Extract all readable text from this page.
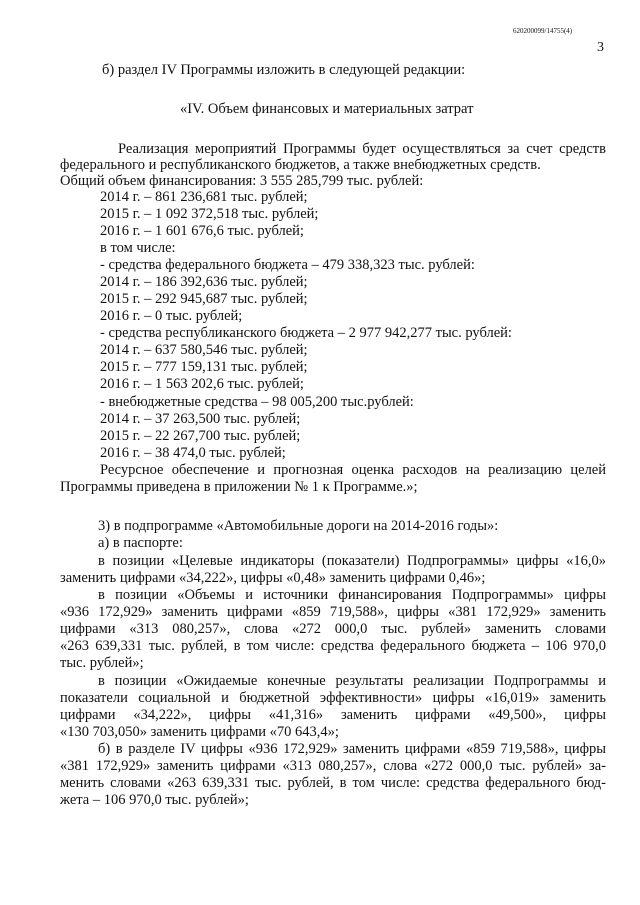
620200099/14755(4)
3
б) раздел IV Программы изложить в следующей редакции:
«IV. Объем финансовых и материальных затрат
Реализация мероприятий Программы будет осуществляться за счет средств
федерального и республиканского бюджетов, а также внебюджетных средств.
Общий объем финансирования: 3 555 285,799 тыс. рублей:
2014 г. – 861 236,681 тыс. рублей;
2015 г. – 1 092 372,518 тыс. рублей;
2016 г. – 1 601 676,6 тыс. рублей;
в том числе:
- средства федерального бюджета – 479 338,323 тыс. рублей:
2014 г. – 186 392,636 тыс. рублей;
2015 г. – 292 945,687 тыс. рублей;
2016 г. – 0 тыс. рублей;
- средства республиканского бюджета – 2 977 942,277 тыс. рублей:
2014 г. – 637 580,546 тыс. рублей;
2015 г. – 777 159,131 тыс. рублей;
2016 г. – 1 563 202,6 тыс. рублей;
- внебюджетные средства – 98 005,200 тыс.рублей:
2014 г. – 37 263,500 тыс. рублей;
2015 г. – 22 267,700 тыс. рублей;
2016 г. – 38 474,0 тыс. рублей;
Ресурсное обеспечение и прогнозная оценка расходов на реализацию целей
Программы приведена в приложении № 1 к Программе.»;
3) в подпрограмме «Автомобильные дороги на 2014-2016 годы»:
а) в паспорте:
в позиции «Целевые индикаторы (показатели) Подпрограммы» цифры «16,0»
заменить цифрами «34,222», цифры «0,48» заменить цифрами 0,46»;
в позиции «Объемы и источники финансирования Подпрограммы» цифры
«936 172,929» заменить цифрами «859 719,588», цифры «381 172,929» заменить
цифрами «313 080,257», слова «272 000,0 тыс. рублей» заменить словами
«263 639,331 тыс. рублей, в том числе: средства федерального бюджета – 106 970,0
тыс. рублей»;
в позиции «Ожидаемые конечные результаты реализации Подпрограммы и
показатели социальной и бюджетной эффективности» цифры «16,019» заменить
цифрами «34,222», цифры «41,316» заменить цифрами «49,500», цифры
«130 703,050» заменить цифрами «70 643,4»;
б) в разделе IV цифры «936 172,929» заменить цифрами «859 719,588», цифры
«381 172,929» заменить цифрами «313 080,257», слова «272 000,0 тыс. рублей» за-
менить словами «263 639,331 тыс. рублей, в том числе: средства федерального бюд-
жета – 106 970,0 тыс. рублей»;
